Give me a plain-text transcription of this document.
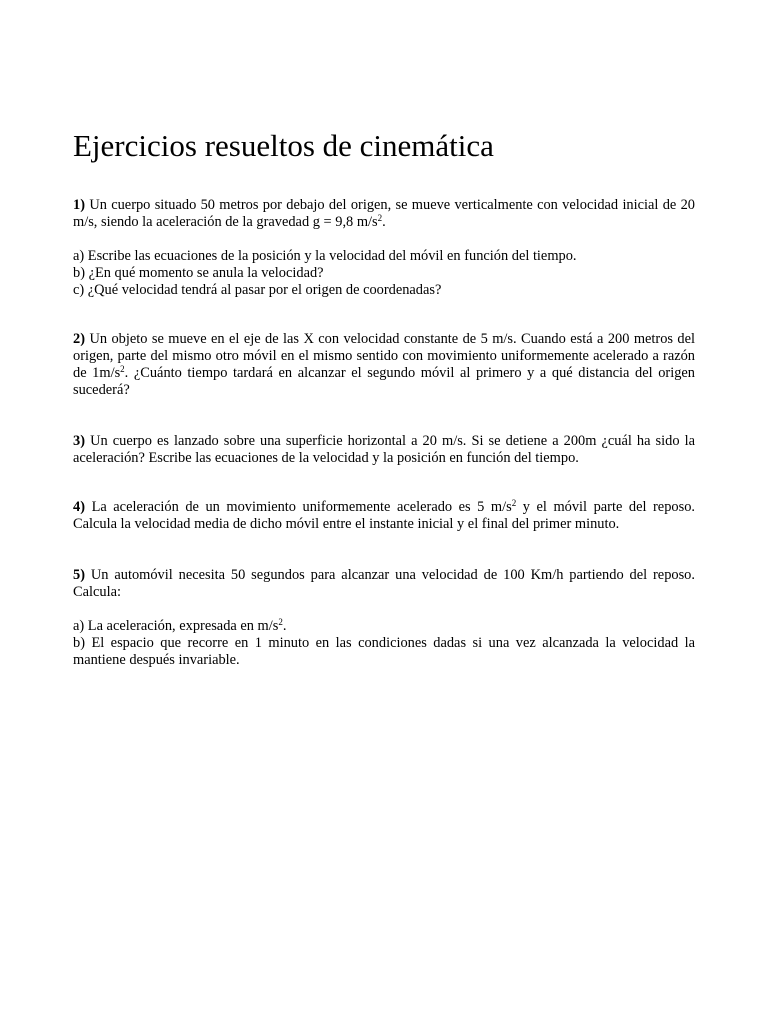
Ejercicios resueltos de cinemática

1) Un cuerpo situado 50 metros por debajo del origen, se mueve verticalmente con velocidad inicial de 20 m/s, siendo la aceleración de la gravedad g = 9,8 $m/s^2$.

a) Escribe las ecuaciones de la posición y la velocidad del móvil en función del tiempo.

b) ¿En qué momento se anula la velocidad?

c) ¿Qué velocidad tendrá al pasar por el origen de coordenadas?

2) Un objeto se mueve en el eje de las X con velocidad constante de 5 m/s. Cuando está a 200 metros del origen, parte del mismo otro móvil en el mismo sentido con movimiento uniformemente acelerado a razón de $1m/s^2$. ¿Cuánto tiempo tardará en alcanzar el segundo móvil al primero y a qué distancia del origen sucederá?

3) Un cuerpo es lanzado sobre una superficie horizontal a 20 m/s. Si se detiene a 200m ¿cuál ha sido la aceleración? Escribe las ecuaciones de la velocidad y la posición en función del tiempo.

4) La aceleración de un movimiento uniformemente acelerado es 5 $m/s^2$ y el móvil parte del reposo. Calcula la velocidad media de dicho móvil entre el instante inicial y el final del primer minuto.

5) Un automóvil necesita 50 segundos para alcanzar una velocidad de 100 Km/h partiendo del reposo. Calcula:

a) La aceleración, expresada en $m/s^2$.

b) El espacio que recorre en 1 minuto en las condiciones dadas si una vez alcanzada la velocidad la mantiene después invariable.
